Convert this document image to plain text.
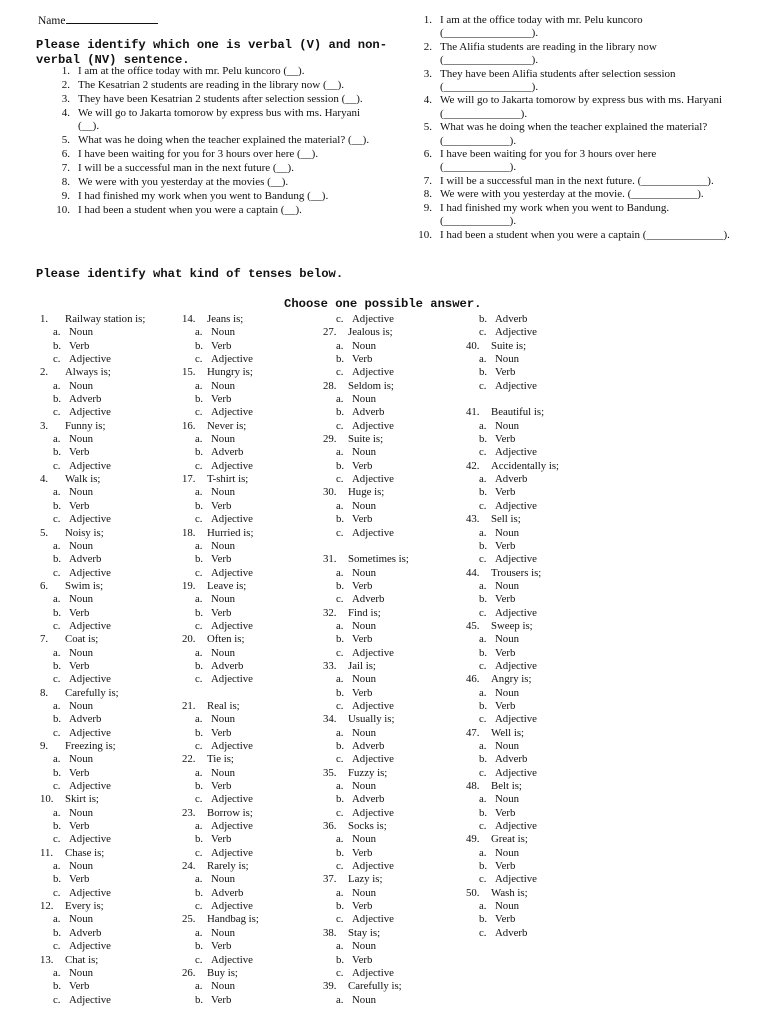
Name
Please identify which one is verbal (V) and non-verbal (NV) sentence.
1. I am at the office today with mr. Pelu kuncoro (__).
2. The Kesatrian 2 students are reading in the library now (__).
3. They have been Kesatrian 2 students after selection session (__).
4. We will go to Jakarta tomorow by express bus with ms. Haryani (__).
5. What was he doing when the teacher explained the material? (__).
6. I have been waiting for you for 3 hours over here (__).
7. I will be a successful man in the next future (__).
8. We were with you yesterday at the movies (__).
9. I had finished my work when you went to Bandung (__).
10. I had been a student when you were a captain (__).
Please identify what kind of tenses below.
1. I am at the office today with mr. Pelu kuncoro (________________).
2. The Alifia students are reading in the library now (________________).
3. They have been Alifia students after selection session (________________).
4. We will go to Jakarta tomorow by express bus with ms. Haryani (______________).
5. What was he doing when the teacher explained the material? (____________).
6. I have been waiting for you for 3 hours over here (____________).
7. I will be a successful man in the next future. (____________).
8. We were with you yesterday at the movie. (____________).
9. I had finished my work when you went to Bandung. (____________).
10. I had been a student when you were a captain (______________).
Choose one possible answer.
1.	Railway station is;
a. Noun
b. Verb
c. Adjective
2.	Always is;
a. Noun
b. Adverb
c. Adjective
3.	Funny is;
a. Noun
b. Verb
c. Adjective
4.	Walk is;
a. Noun
b. Verb
c. Adjective
5.	Noisy is;
a. Noun
b. Adverb
c. Adjective
6.	Swim is;
a. Noun
b. Verb
c. Adjective
7.	Coat is;
a. Noun
b. Verb
c. Adjective
8.	Carefully is;
a. Noun
b. Adverb
c. Adjective
9.	Freezing is;
a. Noun
b. Verb
c. Adjective
10.	Skirt is;
a. Noun
b. Verb
c. Adjective
11.	Chase is;
a. Noun
b. Verb
c. Adjective
12.	Every is;
a. Noun
b. Adverb
c. Adjective
13.	Chat is;
a. Noun
b. Verb
c. Adjective
14.	Jeans is;
a. Noun
b. Verb
c. Adjective
15.	Hungry is;
a. Noun
b. Verb
c. Adjective
16.	Never is;
a. Noun
b. Adverb
c. Adjective
17.	T-shirt is;
a. Noun
b. Verb
c. Adjective
18.	Hurried is;
a. Noun
b. Verb
c. Adjective
19.	Leave is;
a. Noun
b. Verb
c. Adjective
20.	Often is;
a. Noun
b. Adverb
c. Adjective

21.	Real is;
a. Noun
b. Verb
c. Adjective
22.	Tie is;
a. Noun
b. Verb
c. Adjective
23.	Borrow is;
a. Adjective
b. Verb
c. Adjective
24.	Rarely is;
a. Noun
b. Adverb
c. Adjective
25.	Handbag is;
a. Noun
b. Verb
c. Adjective
26.	Buy is;
a. Noun
b. Verb
c. Adjective
27.	Jealous is;
a. Noun
b. Verb
c. Adjective
28.	Seldom is;
a. Noun
b. Adverb
c. Adjective
29.	Suite is;
a. Noun
b. Verb
c. Adjective
30.	Huge is;
a. Noun
b. Verb
c. Adjective

31.	Sometimes is;
a. Noun
b. Verb
c. Adverb
32.	Find is;
a. Noun
b. Verb
c. Adjective
33.	Jail is;
a. Noun
b. Verb
c. Adjective
34.	Usually is;
a. Noun
b. Adverb
c. Adjective
35.	Fuzzy is;
a. Noun
b. Adverb
c. Adjective
36.	Socks is;
a. Noun
b. Verb
c. Adjective
37.	Lazy is;
a. Noun
b. Verb
c. Adjective
38.	Stay is;
a. Noun
b. Verb
c. Adjective
39.	Carefully is;
a. Noun
b. Adverb
c. Adjective
40.	Suite is;
a. Noun
b. Verb
c. Adjective

41.	Beautiful is;
a. Noun
b. Verb
c. Adjective
42.	Accidentally is;
a. Adverb
b. Verb
c. Adjective
43.	Sell is;
a. Noun
b. Verb
c. Adjective
44.	Trousers is;
a. Noun
b. Verb
c. Adjective
45.	Sweep is;
a. Noun
b. Verb
c. Adjective
46.	Angry is;
a. Noun
b. Verb
c. Adjective
47.	Well is;
a. Noun
b. Adverb
c. Adjective
48.	Belt is;
a. Noun
b. Verb
c. Adjective
49.	Great is;
a. Noun
b. Verb
c. Adjective
50.	Wash is;
a. Noun
b. Verb
c. Adverb
